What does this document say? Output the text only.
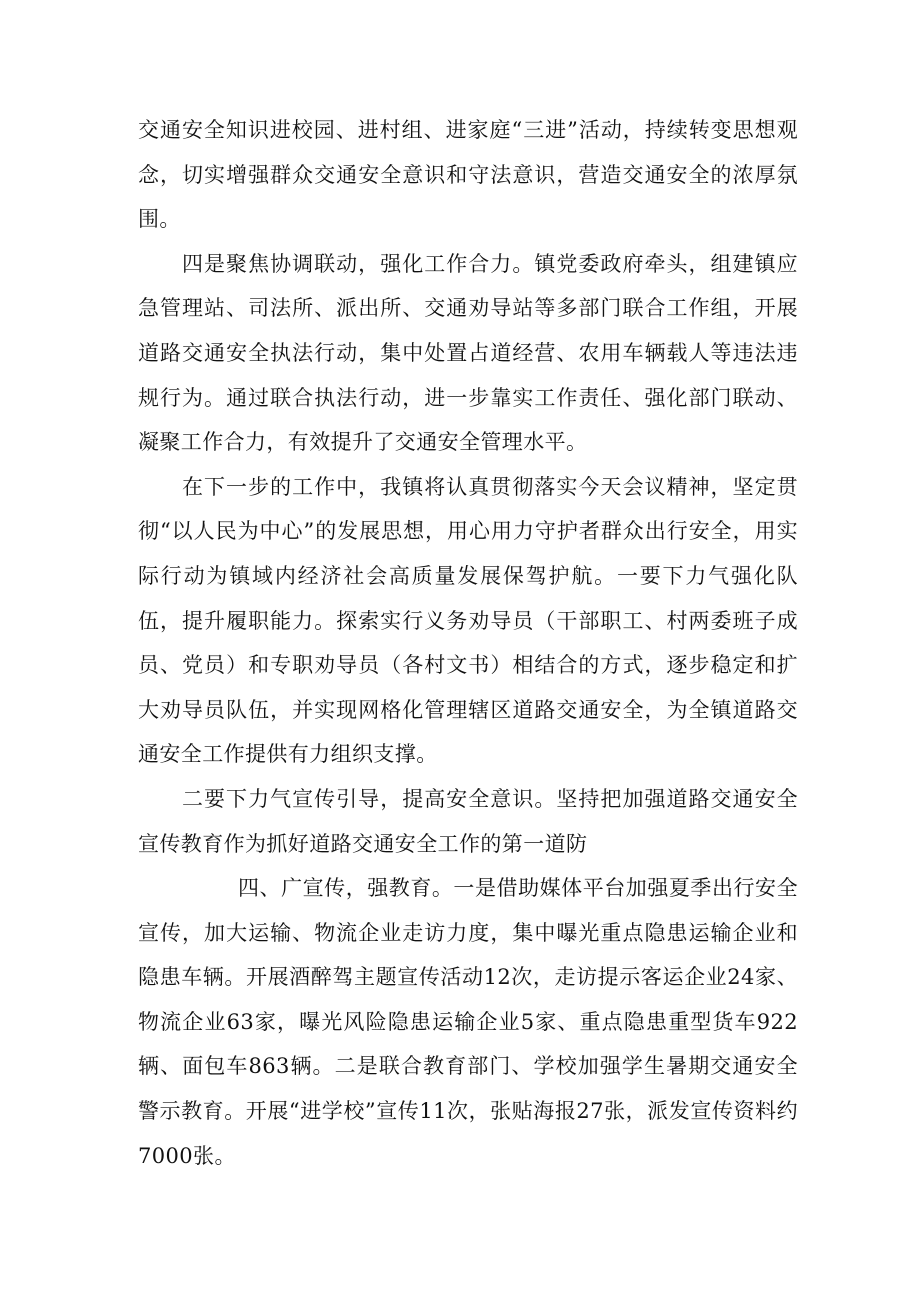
交通安全知识进校园、进村组、进家庭“三进”活动，持续转变思想观念，切实增强群众交通安全意识和守法意识，营造交通安全的浓厚氛围。

四是聚焦协调联动，强化工作合力。镇党委政府牵头，组建镇应急管理站、司法所、派出所、交通劝导站等多部门联合工作组，开展道路交通安全执法行动，集中处置占道经营、农用车辆载人等违法违规行为。通过联合执法行动，进一步靠实工作责任、强化部门联动、凝聚工作合力，有效提升了交通安全管理水平。

在下一步的工作中，我镇将认真贯彻落实今天会议精神，坚定贯彻“以人民为中心”的发展思想，用心用力守护者群众出行安全，用实际行动为镇域内经济社会高质量发展保驾护航。一要下力气强化队伍，提升履职能力。探索实行义务劝导员（干部职工、村两委班子成员、党员）和专职劝导员（各村文书）相结合的方式，逐步稳定和扩大劝导员队伍，并实现网格化管理辖区道路交通安全，为全镇道路交通安全工作提供有力组织支撑。

二要下力气宣传引导，提高安全意识。坚持把加强道路交通安全宣传教育作为抓好道路交通安全工作的第一道防

四、广宣传，强教育。一是借助媒体平台加强夏季出行安全宣传，加大运输、物流企业走访力度，集中曝光重点隐患运输企业和隐患车辆。开展酒醉驾主题宣传活动12次，走访提示客运企业24家、物流企业63家，曝光风险隐患运输企业5家、重点隐患重型货车922辆、面包车863辆。二是联合教育部门、学校加强学生暑期交通安全警示教育。开展“进学校”宣传11次，张贴海报27张，派发宣传资料约7000张。
